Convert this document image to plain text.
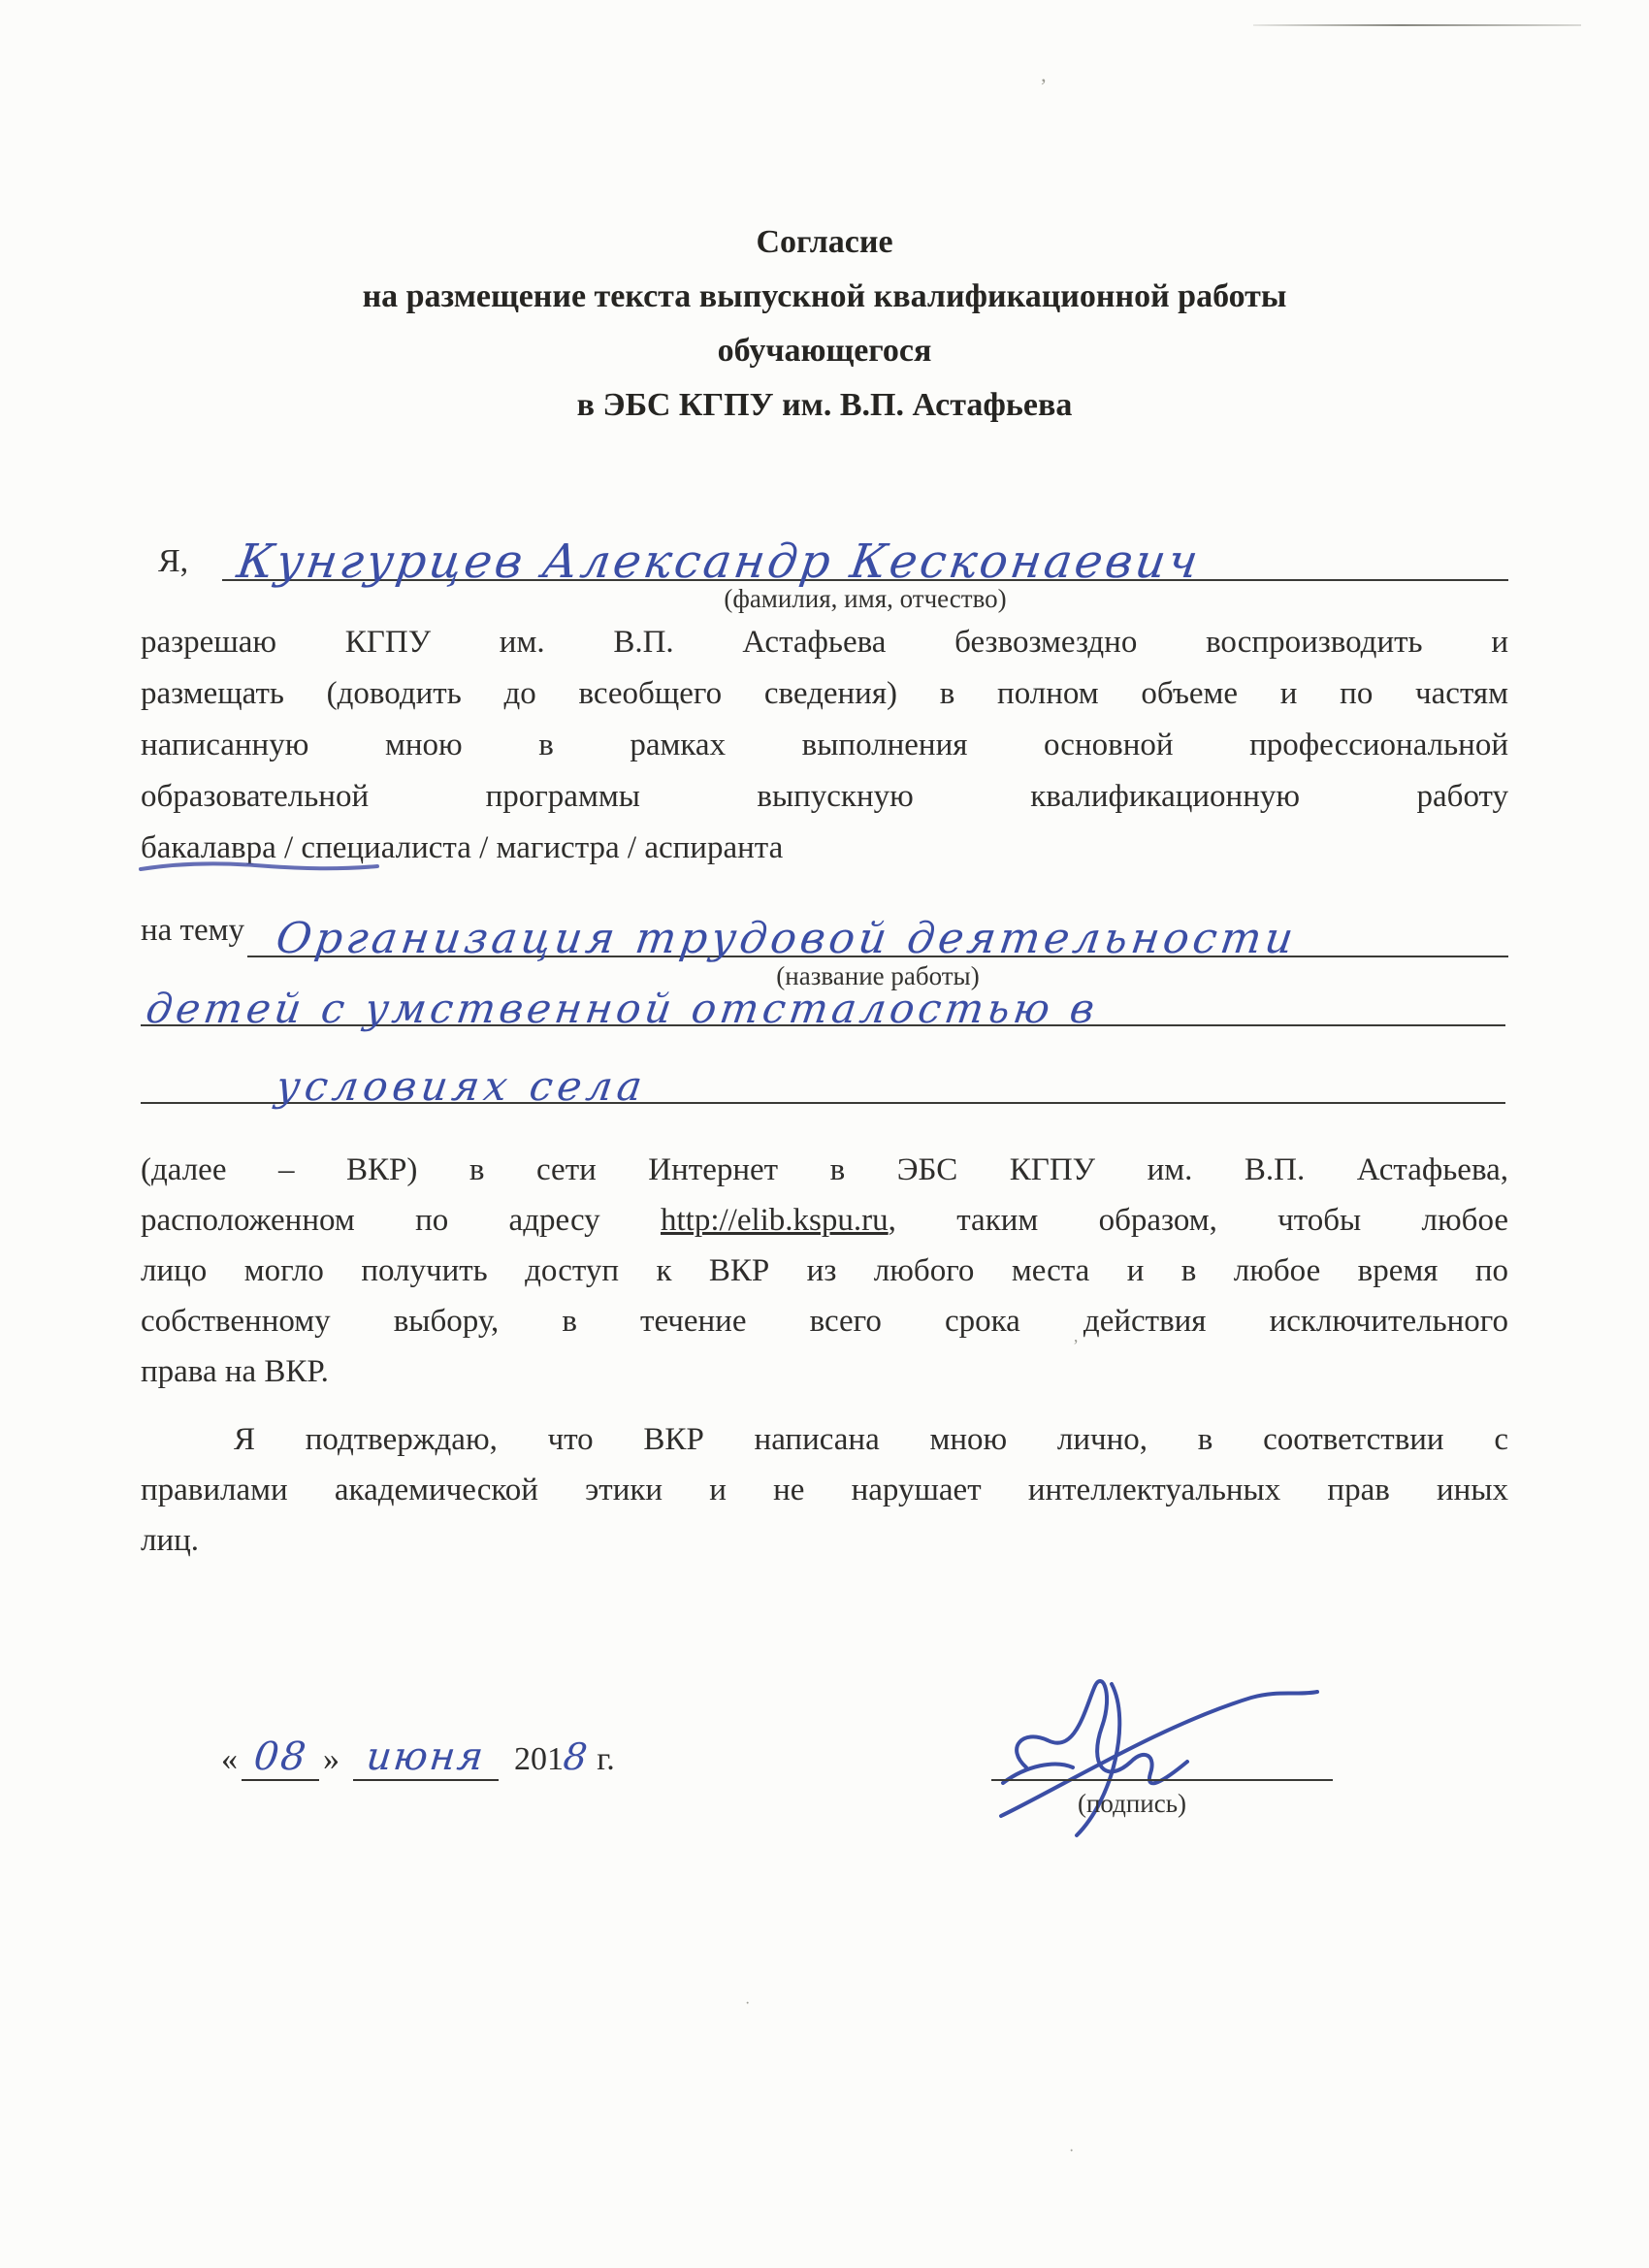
’
’
·
·
Согласие
на размещение текста выпускной квалификационной работы
обучающегося
в ЭБС КГПУ им. В.П. Астафьева
Я, Кунгурцев Александр Кесконаевич
(фамилия, имя, отчество)
разрешаю КГПУ им. В.П. Астафьева безвозмездно воспроизводить и
размещать (доводить до всеобщего сведения) в полном объеме и по частям
написанную мною в рамках выполнения основной профессиональной
образовательной программы выпускную квалификационную работу
бакалавра / специалиста / магистра / аспиранта
на тему Организация трудовой деятельности
(название работы)
детей с умственной отсталостью в
условиях села
(далее – ВКР) в сети Интернет в ЭБС КГПУ им. В.П. Астафьева,
расположенном по адресу http://elib.kspu.ru, таким образом, чтобы любое
лицо могло получить доступ к ВКР из любого места и в любое время по
собственному выбору, в течение всего срока действия исключительного
права на ВКР.
Я подтверждаю, что ВКР написана мною лично, в соответствии с
правилами академической этики и не нарушает интеллектуальных прав иных
лиц.
« 08 » июня 201
8 г.
(подпись)
